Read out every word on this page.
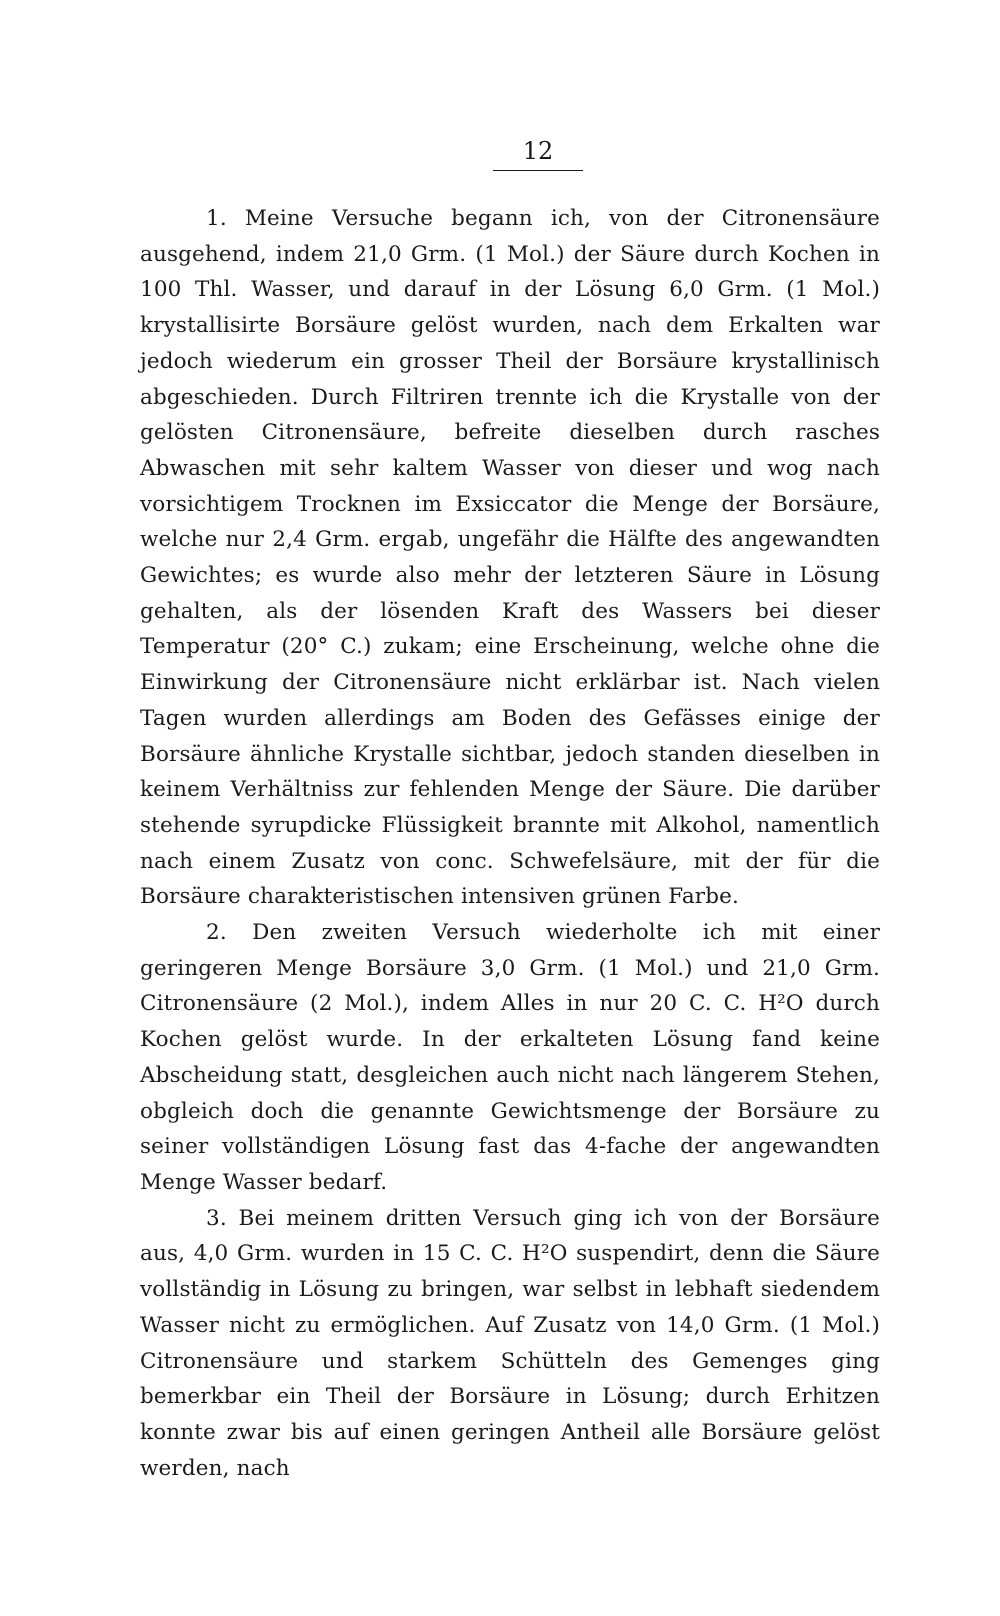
12

1. Meine Versuche begann ich, von der Citronensäure ausgehend, indem 21,0 Grm. (1 Mol.) der Säure durch Kochen in 100 Thl. Wasser, und darauf in der Lösung 6,0 Grm. (1 Mol.) krystallisirte Borsäure gelöst wurden, nach dem Erkalten war jedoch wiederum ein grosser Theil der Borsäure krystallinisch abgeschieden. Durch Filtriren trennte ich die Krystalle von der gelösten Citronensäure, befreite dieselben durch rasches Abwaschen mit sehr kaltem Wasser von dieser und wog nach vorsichtigem Trocknen im Exsiccator die Menge der Borsäure, welche nur 2,4 Grm. ergab, ungefähr die Hälfte des angewandten Gewichtes; es wurde also mehr der letzteren Säure in Lösung gehalten, als der lösenden Kraft des Wassers bei dieser Temperatur (20° C.) zukam; eine Erscheinung, welche ohne die Einwirkung der Citronensäure nicht erklärbar ist. Nach vielen Tagen wurden allerdings am Boden des Gefässes einige der Borsäure ähnliche Krystalle sichtbar, jedoch standen dieselben in keinem Verhältniss zur fehlenden Menge der Säure. Die darüber stehende syrupdicke Flüssigkeit brannte mit Alkohol, namentlich nach einem Zusatz von conc. Schwefelsäure, mit der für die Borsäure charakteristischen intensiven grünen Farbe.

2. Den zweiten Versuch wiederholte ich mit einer geringeren Menge Borsäure 3,0 Grm. (1 Mol.) und 21,0 Grm. Citronensäure (2 Mol.), indem Alles in nur 20 C. C. H²O durch Kochen gelöst wurde. In der erkalteten Lösung fand keine Abscheidung statt, desgleichen auch nicht nach längerem Stehen, obgleich doch die genannte Gewichtsmenge der Borsäure zu seiner vollständigen Lösung fast das 4-fache der angewandten Menge Wasser bedarf.

3. Bei meinem dritten Versuch ging ich von der Borsäure aus, 4,0 Grm. wurden in 15 C. C. H²O suspendirt, denn die Säure vollständig in Lösung zu bringen, war selbst in lebhaft siedendem Wasser nicht zu ermöglichen. Auf Zusatz von 14,0 Grm. (1 Mol.) Citronensäure und starkem Schütteln des Gemenges ging bemerkbar ein Theil der Borsäure in Lösung; durch Erhitzen konnte zwar bis auf einen geringen Antheil alle Borsäure gelöst werden, nach
